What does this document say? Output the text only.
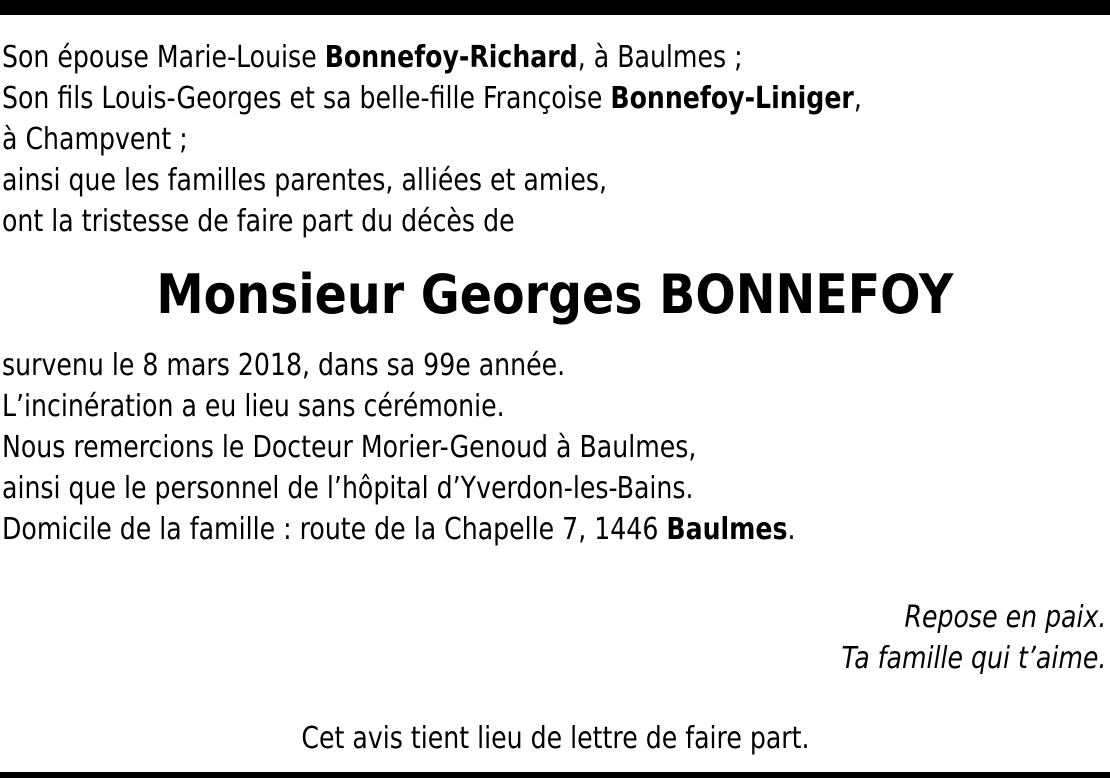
Son épouse Marie-Louise Bonnefoy-Richard, à Baulmes ;
Son fils Louis-Georges et sa belle-fille Françoise Bonnefoy-Liniger,
à Champvent ;
ainsi que les familles parentes, alliées et amies,
ont la tristesse de faire part du décès de
Monsieur Georges BONNEFOY
survenu le 8 mars 2018, dans sa 99e année.
L’incinération a eu lieu sans cérémonie.
Nous remercions le Docteur Morier-Genoud à Baulmes,
ainsi que le personnel de l’hôpital d’Yverdon-les-Bains.
Domicile de la famille : route de la Chapelle 7, 1446 Baulmes.
Repose en paix.
Ta famille qui t’aime.
Cet avis tient lieu de lettre de faire part.
